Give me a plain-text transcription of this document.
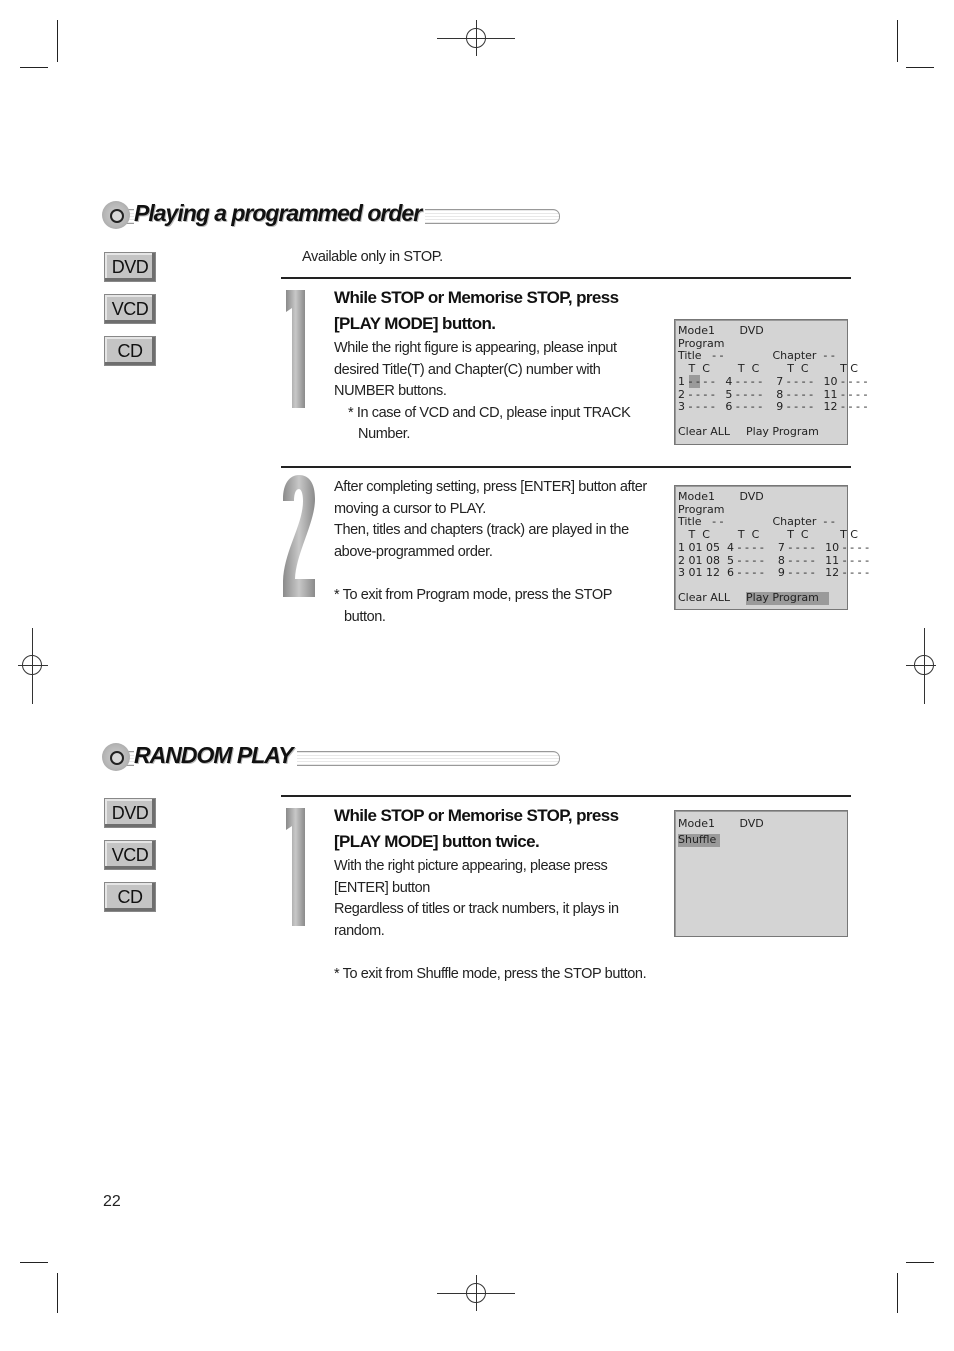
Playing a programmed order
DVD
VCD
CD
Available only in STOP.
While STOP or Memorise STOP, press
[PLAY MODE] button.
While the right figure is appearing, please input
desired Title(T) and Chapter(C) number with
NUMBER buttons.
* In case of VCD and CD, please input TRACK
Number.
Mode1       DVD
Program
Title   - -              Chapter  - -
T  C        T  C        T  C         T C
1 - - - -   4 - - - -    7 - - - -   10 - - - -
2 - - - -   5 - - - -    8 - - - -   11 - - - -
3 - - - -   6 - - - -    9 - - - -   12 - - - -
Clear ALL Play Program
After completing setting, press [ENTER] button after
moving a cursor to PLAY.
Then, titles and chapters (track) are played in the
above-programmed order.
* To exit from Program mode, press the STOP
button.
Mode1       DVD
Program
Title   - -              Chapter  - -
T  C        T  C        T  C         T C
1 01 05  4 - - - -    7 - - - -   10 - - - -
2 01 08  5 - - - -    8 - - - -   11 - - - -
3 01 12  6 - - - -    9 - - - -   12 - - - -
Clear ALL Play Program
RANDOM PLAY
DVD
VCD
CD
While STOP or Memorise STOP, press
[PLAY MODE] button twice.
With the right picture appearing, please press
[ENTER] button
Regardless of titles or track numbers, it plays in
random.
* To exit from Shuffle mode, press the STOP button.
Mode1       DVD
Shuffle
22
